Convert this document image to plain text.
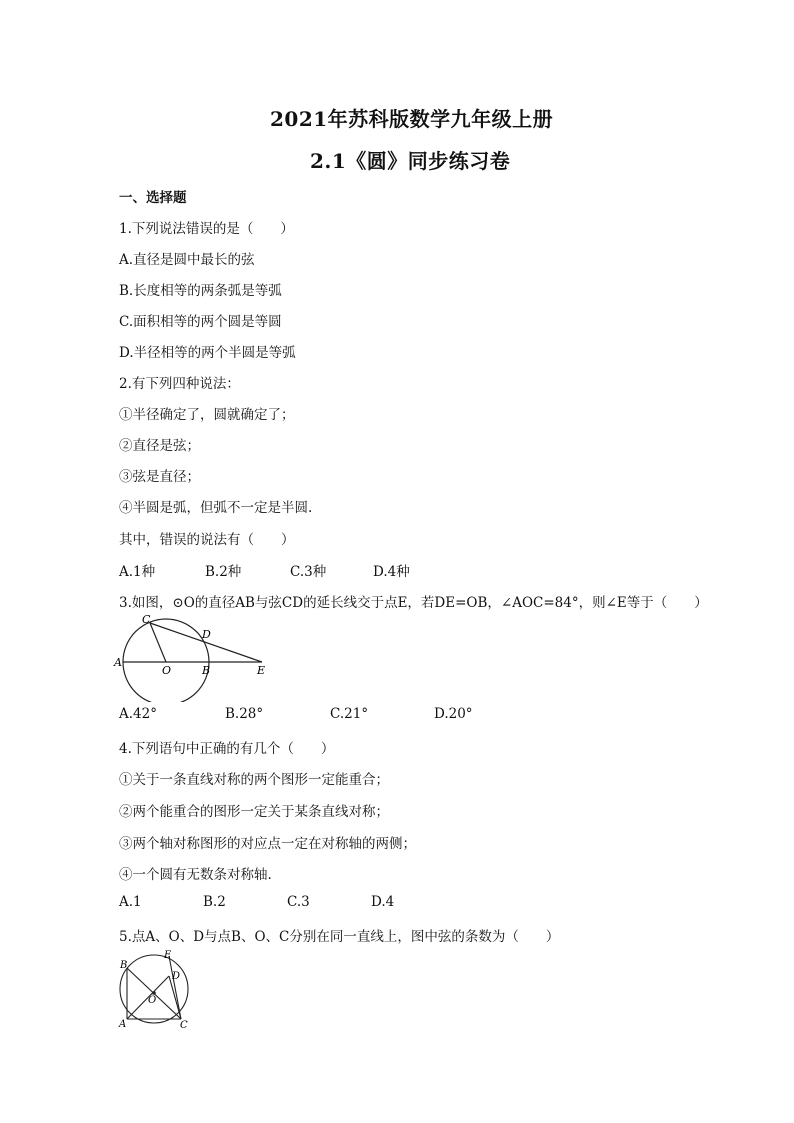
2021年苏科版数学九年级上册
2.1《圆》同步练习卷
一、选择题
1.下列说法错误的是（　　）
A.直径是圆中最长的弦
B.长度相等的两条弧是等弧
C.面积相等的两个圆是等圆
D.半径相等的两个半圆是等弧
2.有下列四种说法：
①半径确定了，圆就确定了；
②直径是弦；
③弦是直径；
④半圆是弧，但弧不一定是半圆.
其中，错误的说法有（　　）
A.1种	B.2种	C.3种	D.4种
3.如图，⊙O的直径AB与弦CD的延长线交于点E，若DE=OB，∠AOC=84°，则∠E等于（　　）
C
D
A
O	B	E
A.42°	B.28°	C.21°	D.20°
4.下列语句中正确的有几个（　　）
①关于一条直线对称的两个图形一定能重合；
②两个能重合的图形一定关于某条直线对称；
③两个轴对称图形的对应点一定在对称轴的两侧；
④一个圆有无数条对称轴.
A.1	B.2	C.3	D.4
5.点A、O、D与点B、O、C分别在同一直线上，图中弦的条数为（　　）
B
E
D
O
A	C
